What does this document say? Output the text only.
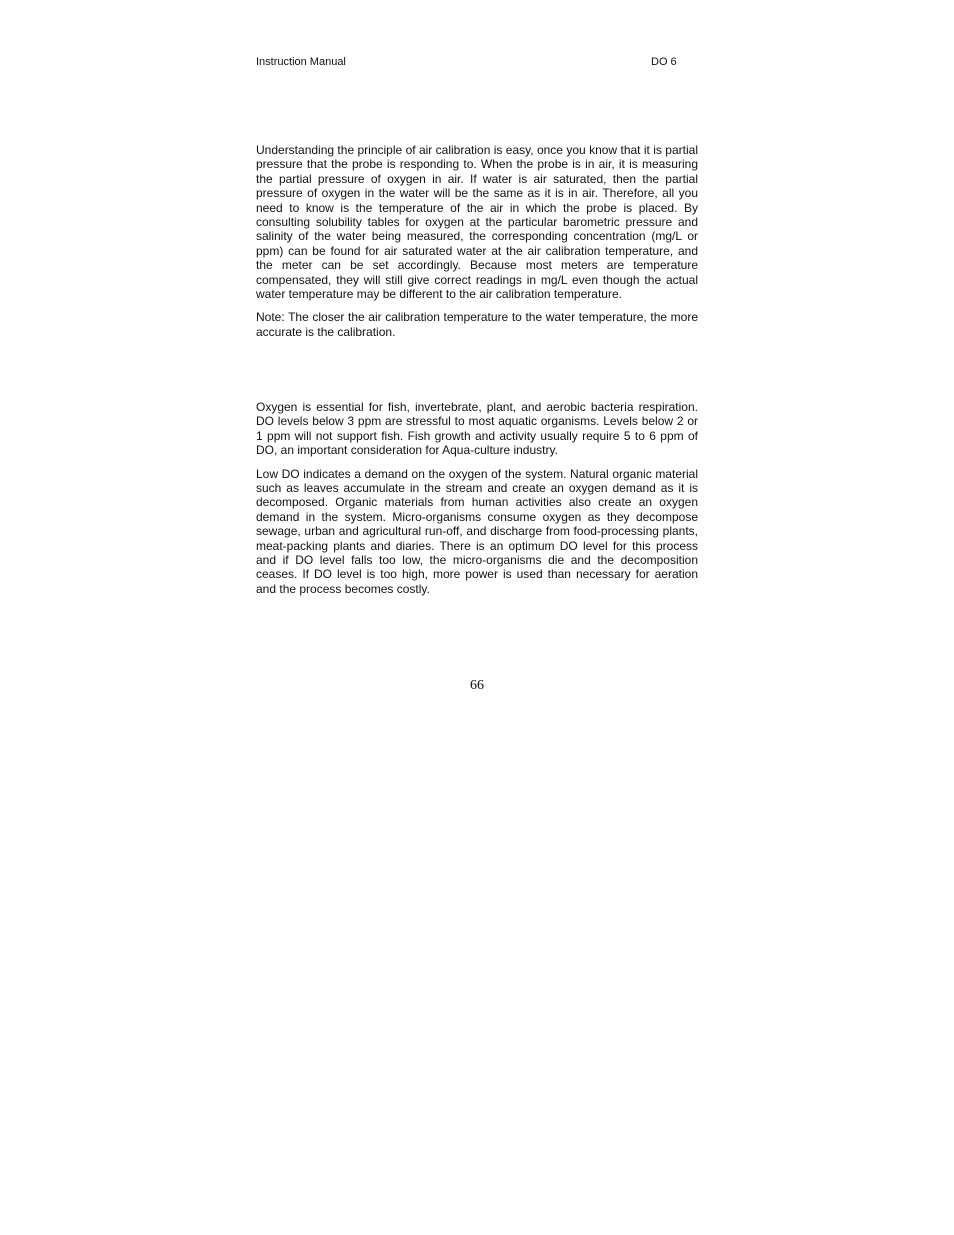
Instruction Manual	DO 6

Understanding the principle of air calibration is easy, once you know that it is partial pressure that the probe is responding to. When the probe is in air, it is measuring the partial pressure of oxygen in air. If water is air saturated, then the partial pressure of oxygen in the water will be the same as it is in air. Therefore, all you need to know is the temperature of the air in which the probe is placed. By consulting solubility tables for oxygen at the particular barometric pressure and salinity of the water being measured, the corresponding concentration (mg/L or ppm) can be found for air saturated water at the air calibration temperature, and the meter can be set accordingly. Because most meters are temperature compensated, they will still give correct readings in mg/L even though the actual water temperature may be different to the air calibration temperature.

Note: The closer the air calibration temperature to the water temperature, the more accurate is the calibration.

Oxygen is essential for fish, invertebrate, plant, and aerobic bacteria respiration. DO levels below 3 ppm are stressful to most aquatic organisms. Levels below 2 or 1 ppm will not support fish. Fish growth and activity usually require 5 to 6 ppm of DO, an important consideration for Aqua-culture industry.

Low DO indicates a demand on the oxygen of the system. Natural organic material such as leaves accumulate in the stream and create an oxygen demand as it is decomposed. Organic materials from human activities also create an oxygen demand in the system. Micro-organisms consume oxygen as they decompose sewage, urban and agricultural run-off, and discharge from food-processing plants, meat-packing plants and diaries. There is an optimum DO level for this process and if DO level falls too low, the micro-organisms die and the decomposition ceases. If DO level is too high, more power is used than necessary for aeration and the process becomes costly.

66
